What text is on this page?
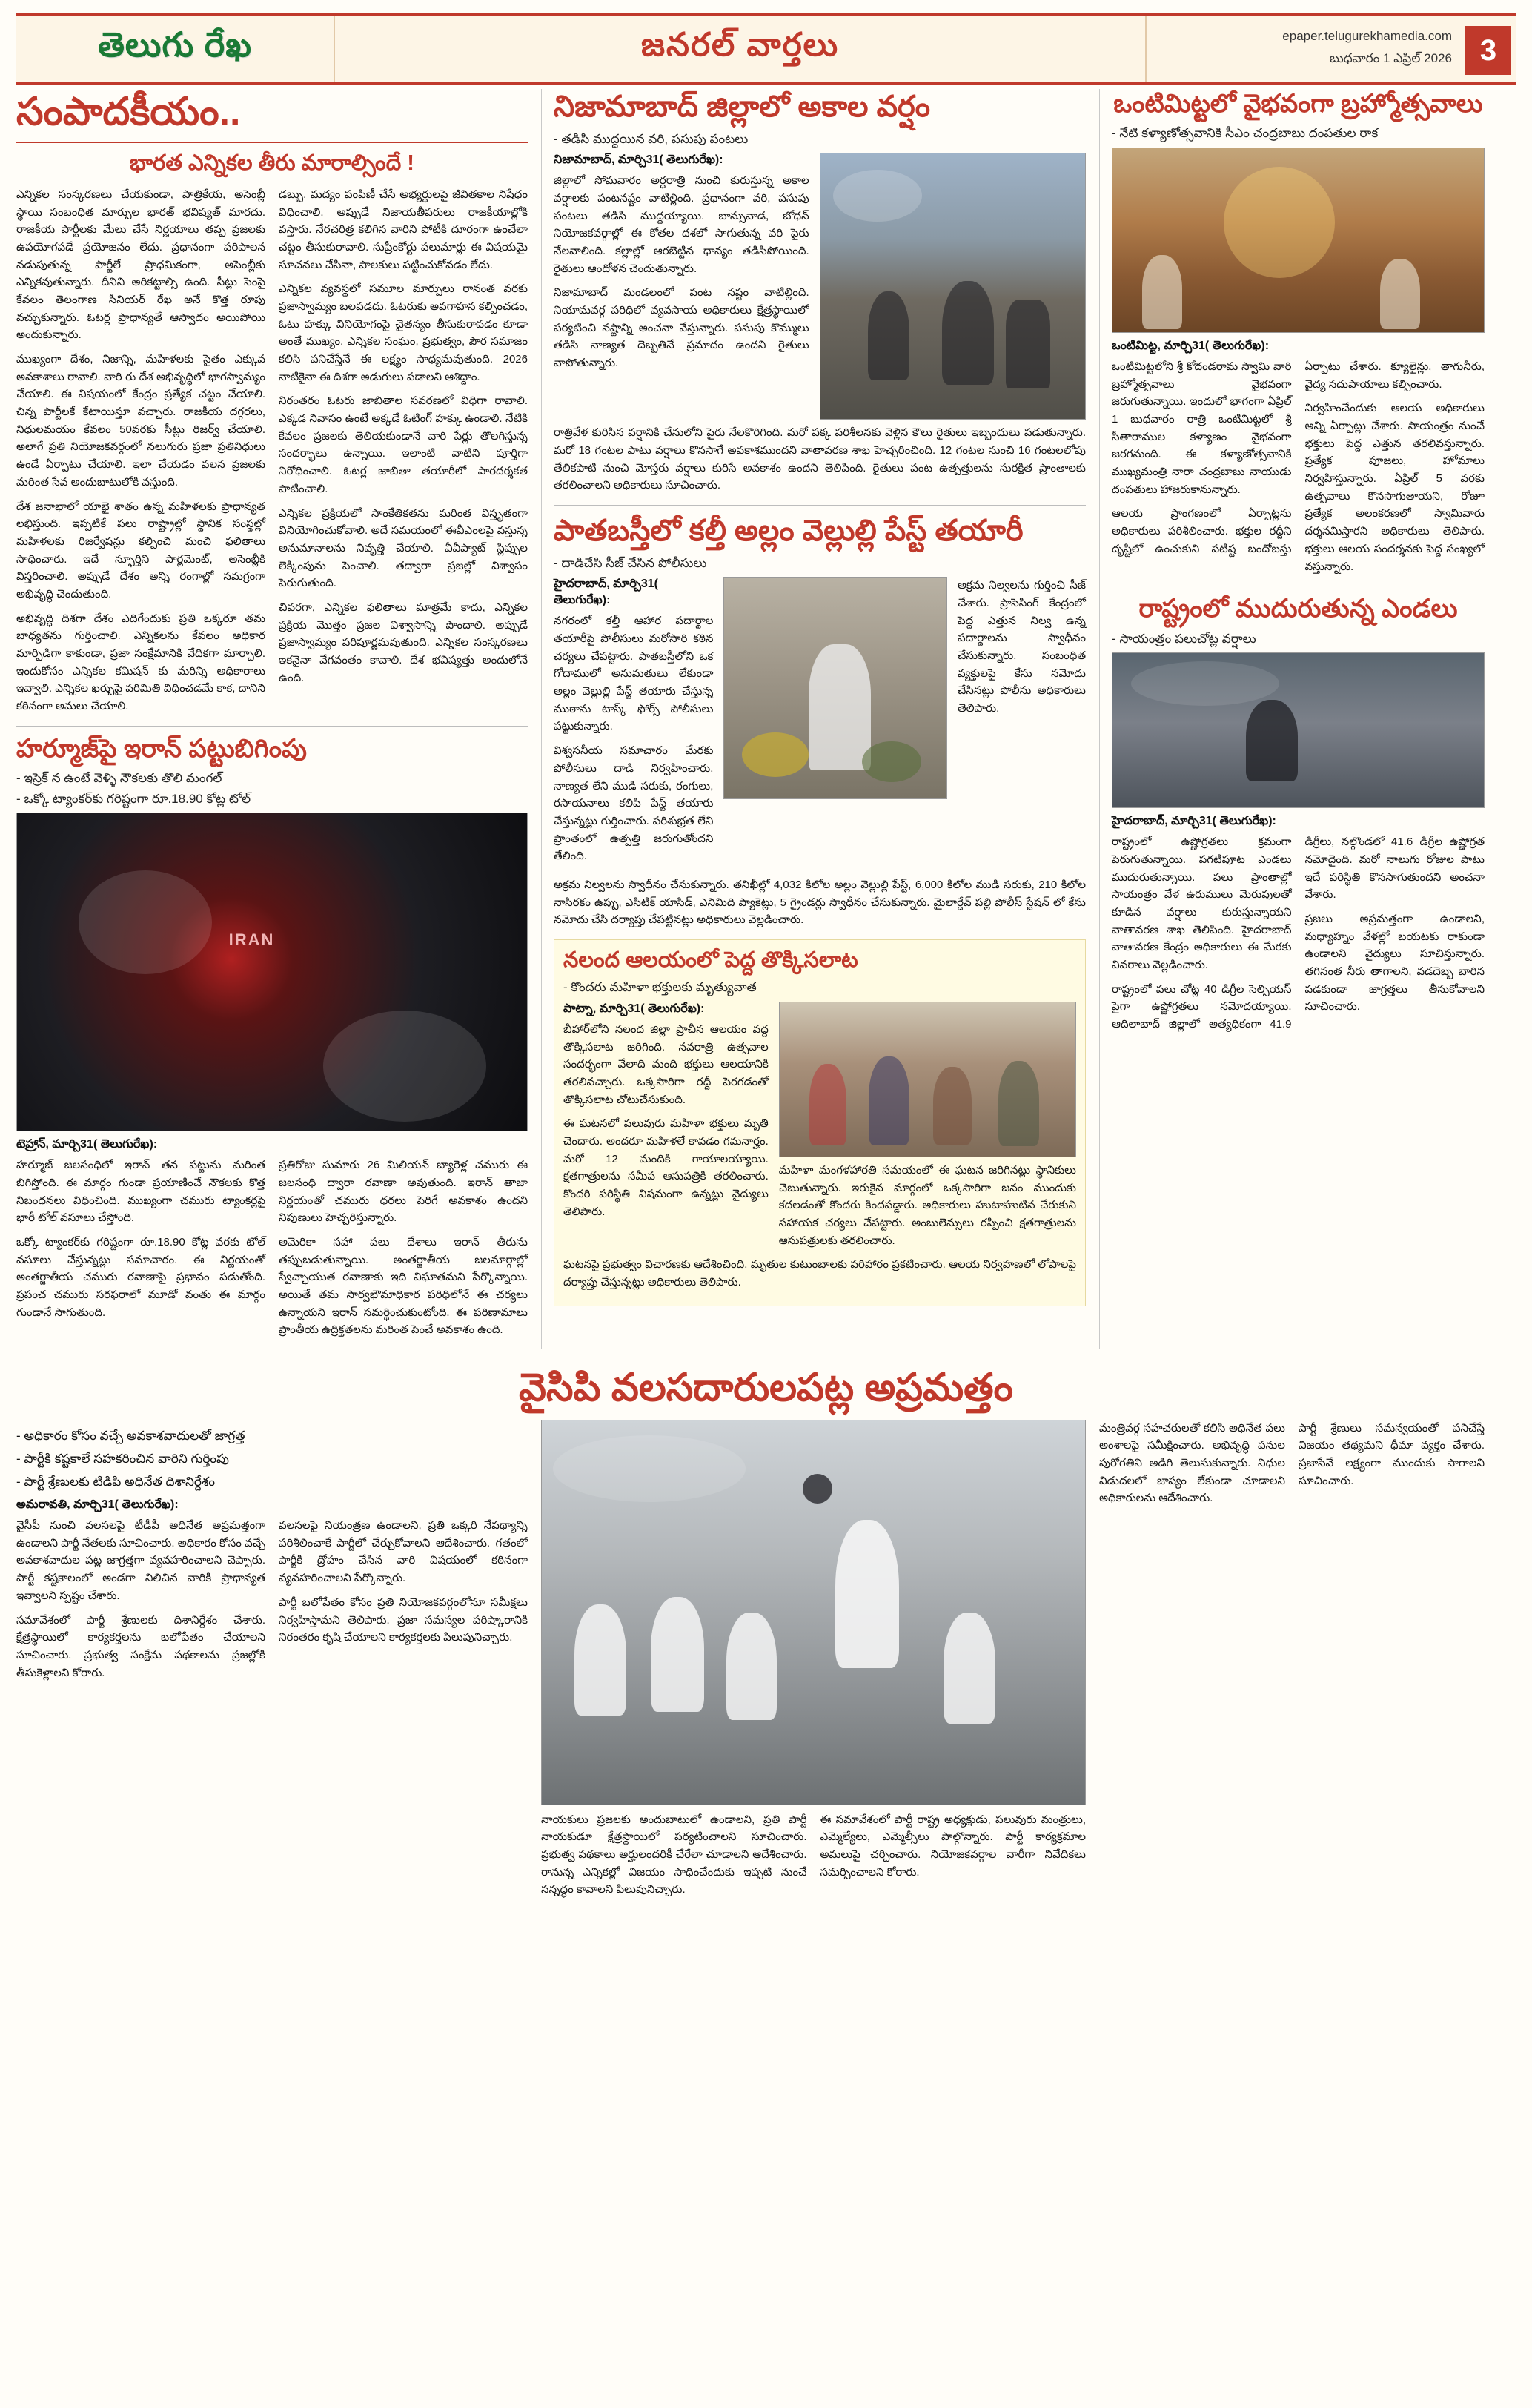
తెలుగు రేఖ	జనరల్ వార్తలు	epaper.telugurekhamedia.com
బుధవారం 1 ఎప్రిల్ 2026 3
సంపాదకీయం..
భారత ఎన్నికల తీరు మారాల్సిందే !

ఎన్నికల సంస్కరణలు చేయకుండా, పాత్రికేయ, అసెంబ్లీ స్థాయి సంబంధిత మార్పుల భారత్ భవిష్యత్ మారదు. రాజకీయ పార్టీలకు మేలు చేసే నిర్ణయాలు తప్ప ప్రజలకు ఉపయోగపడే ప్రయోజనం లేదు. ప్రధానంగా పరిపాలన నడుపుతున్న పార్టీలే ప్రాధమికంగా, అసెంబ్లీకు ఎన్నికవుతున్నారు. దీనిని అరికట్టాల్సి ఉంది. సీట్లు సెంపై కేవలం తెలంగాణ సీనియర్ రేఖ అనే కొత్త రూపు వచ్చుకున్నారు. ఓటర్ల ప్రాధాన్యతే ఆస్వాదం అయిపోయి అందుకున్నారు.

ముఖ్యంగా దేశం, నిజాన్ని, మహిళలకు సైతం ఎక్కువ అవకాశాలు రావాలి. వారి రు దేశ అభివృద్ధిలో భాగస్వామ్యం చేయాలి. ఈ విషయంలో కేంద్రం ప్రత్యేక చట్టం చేయాలి. చిన్న పార్టీలకే కేటాయిస్తూ వచ్చారు. రాజకీయ దగ్గరలు, నిధులమయం కేవలం 50వరకు సీట్లు రిజర్వ్ చేయాలి. అలాగే ప్రతి నియోజకవర్గంలో నలుగురు ప్రజా ప్రతినిధులు ఉండే ఏర్పాటు చేయాలి. ఇలా చేయడం వలన ప్రజలకు మరింత సేవ అందుబాటులోకి వస్తుంది.

దేశ జనాభాలో యాభై శాతం ఉన్న మహిళలకు ప్రాధాన్యత లభిస్తుంది. ఇప్పటికే పలు రాష్ట్రాల్లో స్థానిక సంస్థల్లో మహిళలకు రిజర్వేషన్లు కల్పించి మంచి ఫలితాలు సాధించారు. ఇదే స్ఫూర్తిని పార్లమెంట్, అసెంబ్లీకి విస్తరించాలి. అప్పుడే దేశం అన్ని రంగాల్లో సమగ్రంగా అభివృద్ధి చెందుతుంది.

అభివృద్ధి దిశగా దేశం ఎదిగేందుకు ప్రతి ఒక్కరూ తమ బాధ్యతను గుర్తించాలి. ఎన్నికలను కేవలం అధికార మార్పిడిగా కాకుండా, ప్రజా సంక్షేమానికి వేదికగా మార్చాలి. ఇందుకోసం ఎన్నికల కమిషన్ కు మరిన్ని అధికారాలు ఇవ్వాలి. ఎన్నికల ఖర్చుపై పరిమితి విధించడమే కాక, దానిని కఠినంగా అమలు చేయాలి.

డబ్బు, మద్యం పంపిణీ చేసే అభ్యర్థులపై జీవితకాల నిషేధం విధించాలి. అప్పుడే నిజాయతీపరులు రాజకీయాల్లోకి వస్తారు. నేరచరిత్ర కలిగిన వారిని పోటీకి దూరంగా ఉంచేలా చట్టం తీసుకురావాలి. సుప్రీంకోర్టు పలుమార్లు ఈ విషయమై సూచనలు చేసినా, పాలకులు పట్టించుకోవడం లేదు.

ఎన్నికల వ్యవస్థలో సమూల మార్పులు రానంత వరకు ప్రజాస్వామ్యం బలపడదు. ఓటరుకు అవగాహన కల్పించడం, ఓటు హక్కు వినియోగంపై చైతన్యం తీసుకురావడం కూడా అంతే ముఖ్యం. ఎన్నికల సంఘం, ప్రభుత్వం, పౌర సమాజం కలిసి పనిచేస్తేనే ఈ లక్ష్యం సాధ్యమవుతుంది. 2026 నాటికైనా ఈ దిశగా అడుగులు పడాలని ఆశిద్దాం.

నిరంతరం ఓటరు జాబితాల సవరణలో విధిగా రావాలి. ఎక్కడ నివాసం ఉంటే అక్కడే ఓటింగ్ హక్కు ఉండాలి. నేటికి కేవలం ప్రజలకు తెలియకుండానే వారి పేర్లు తొలగిస్తున్న సందర్భాలు ఉన్నాయి. ఇలాంటి వాటిని పూర్తిగా నిరోధించాలి. ఓటర్ల జాబితా తయారీలో పారదర్శకత పాటించాలి.

ఎన్నికల ప్రక్రియలో సాంకేతికతను మరింత విస్తృతంగా వినియోగించుకోవాలి. అదే సమయంలో ఈవీఎంలపై వస్తున్న అనుమానాలను నివృత్తి చేయాలి. వీవీప్యాట్ స్లిప్పుల లెక్కింపును పెంచాలి. తద్వారా ప్రజల్లో విశ్వాసం పెరుగుతుంది.

చివరగా, ఎన్నికల ఫలితాలు మాత్రమే కాదు, ఎన్నికల ప్రక్రియ మొత్తం ప్రజల విశ్వాసాన్ని పొందాలి. అప్పుడే ప్రజాస్వామ్యం పరిపూర్ణమవుతుంది. ఎన్నికల సంస్కరణలు ఇకనైనా వేగవంతం కావాలి. దేశ భవిష్యత్తు అందులోనే ఉంది.

హర్మూజ్‌పై ఇరాన్ పట్టుబిగింపు
- ఇస్రెక్ న ఉంటే వెళ్ళి నౌకలకు తొలి మంగల్
- ఒక్కో ట్యాంకర్‌కు గరిష్టంగా రూ.18.90 కోట్ల టోల్
IRAN
టెహ్రాన్, మార్చి31( తెలుగురేఖ):

హర్మూజ్ జలసంధిలో ఇరాన్ తన పట్టును మరింత బిగిస్తోంది. ఈ మార్గం గుండా ప్రయాణించే నౌకలకు కొత్త నిబంధనలు విధించింది. ముఖ్యంగా చమురు ట్యాంకర్లపై భారీ టోల్ వసూలు చేస్తోంది.

ఒక్కో ట్యాంకర్‌కు గరిష్టంగా రూ.18.90 కోట్ల వరకు టోల్ వసూలు చేస్తున్నట్లు సమాచారం. ఈ నిర్ణయంతో అంతర్జాతీయ చమురు రవాణాపై ప్రభావం పడుతోంది. ప్రపంచ చమురు సరఫరాలో మూడో వంతు ఈ మార్గం గుండానే సాగుతుంది.

ప్రతిరోజు సుమారు 26 మిలియన్ బ్యారెళ్ల చమురు ఈ జలసంధి ద్వారా రవాణా అవుతుంది. ఇరాన్ తాజా నిర్ణయంతో చమురు ధరలు పెరిగే అవకాశం ఉందని నిపుణులు హెచ్చరిస్తున్నారు.

అమెరికా సహా పలు దేశాలు ఇరాన్ తీరును తప్పుబడుతున్నాయి. అంతర్జాతీయ జలమార్గాల్లో స్వేచ్ఛాయుత రవాణాకు ఇది విఘాతమని పేర్కొన్నాయి. అయితే తమ సార్వభౌమాధికార పరిధిలోనే ఈ చర్యలు ఉన్నాయని ఇరాన్ సమర్థించుకుంటోంది. ఈ పరిణామాలు ప్రాంతీయ ఉద్రిక్తతలను మరింత పెంచే అవకాశం ఉంది.

నిజామాబాద్ జిల్లాలో అకాల వర్షం
- తడిసి ముద్దయిన వరి, పసుపు పంటలు
నిజామాబాద్, మార్చి31( తెలుగురేఖ):

జిల్లాలో సోమవారం అర్ధరాత్రి నుంచి కురుస్తున్న అకాల వర్షాలకు పంటనష్టం వాటిల్లింది. ప్రధానంగా వరి, పసుపు పంటలు తడిసి ముద్దయ్యాయి. బాన్సువాడ, బోధన్ నియోజకవర్గాల్లో ఈ కోతల దశలో సాగుతున్న వరి పైరు నేలవాలింది. కల్లాల్లో ఆరబెట్టిన ధాన్యం తడిసిపోయింది. రైతులు ఆందోళన చెందుతున్నారు.

నిజామాబాద్ మండలంలో పంట నష్టం వాటిల్లింది. నియామవర్గ పరిధిలో వ్యవసాయ అధికారులు క్షేత్రస్థాయిలో పర్యటించి నష్టాన్ని అంచనా వేస్తున్నారు. పసుపు కొమ్ములు తడిసి నాణ్యత దెబ్బతినే ప్రమాదం ఉందని రైతులు వాపోతున్నారు.

రాత్రివేళ కురిసిన వర్షానికి చేనులోని పైరు నేలకొరిగింది. మరో పక్క పరిశీలనకు వెళ్లిన కౌలు రైతులు ఇబ్బందులు పడుతున్నారు. మరో 18 గంటల పాటు వర్షాలు కొనసాగే అవకాశముందని వాతావరణ శాఖ హెచ్చరించింది. 12 గంటల నుంచి 16 గంటలలోపు తేలికపాటి నుంచి మోస్తరు వర్షాలు కురిసే అవకాశం ఉందని తెలిపింది. రైతులు పంట ఉత్పత్తులను సురక్షిత ప్రాంతాలకు తరలించాలని అధికారులు సూచించారు.

పాతబస్తీలో కల్తీ అల్లం వెల్లుల్లి పేస్ట్ తయారీ
- దాడిచేసి సీజ్ చేసిన పోలీసులు
హైదరాబాద్, మార్చి31( తెలుగురేఖ):

నగరంలో కల్తీ ఆహార పదార్థాల తయారీపై పోలీసులు మరోసారి కఠిన చర్యలు చేపట్టారు. పాతబస్తీలోని ఒక గోదాములో అనుమతులు లేకుండా అల్లం వెల్లుల్లి పేస్ట్ తయారు చేస్తున్న ముఠాను టాస్క్ ఫోర్స్ పోలీసులు పట్టుకున్నారు.

విశ్వసనీయ సమాచారం మేరకు పోలీసులు దాడి నిర్వహించారు. నాణ్యత లేని ముడి సరుకు, రంగులు, రసాయనాలు కలిపి పేస్ట్ తయారు చేస్తున్నట్లు గుర్తించారు. పరిశుభ్రత లేని ప్రాంతంలో ఉత్పత్తి జరుగుతోందని తేలింది.

అక్రమ నిల్వలను గుర్తించి సీజ్ చేశారు. ప్రాసెసింగ్ కేంద్రంలో పెద్ద ఎత్తున నిల్వ ఉన్న పదార్థాలను స్వాధీనం చేసుకున్నారు. సంబంధిత వ్యక్తులపై కేసు నమోదు చేసినట్లు పోలీసు అధికారులు తెలిపారు.

అక్రమ నిల్వలను స్వాధీనం చేసుకున్నారు. తనిఖీల్లో 4,032 కిలోల అల్లం వెల్లుల్లి పేస్ట్, 6,000 కిలోల ముడి సరుకు, 210 కిలోల నాసిరకం ఉప్పు, ఎసిటిక్ యాసిడ్, ఎనిమిది ప్యాకెట్లు, 5 గ్రైండర్లు స్వాధీనం చేసుకున్నారు. మైలార్దేవ్ పల్లి పోలీస్ స్టేషన్ లో కేసు నమోదు చేసి దర్యాప్తు చేపట్టినట్లు అధికారులు వెల్లడించారు.

నలంద ఆలయంలో పెద్ద తొక్కిసలాట
- కొందరు మహిళా భక్తులకు మృత్యువాత
పాట్నా, మార్చి31( తెలుగురేఖ):

బీహార్‌లోని నలంద జిల్లా ప్రాచీన ఆలయం వద్ద తొక్కిసలాట జరిగింది. నవరాత్రి ఉత్సవాల సందర్భంగా వేలాది మంది భక్తులు ఆలయానికి తరలివచ్చారు. ఒక్కసారిగా రద్దీ పెరగడంతో తొక్కిసలాట చోటుచేసుకుంది.

ఈ ఘటనలో పలువురు మహిళా భక్తులు మృతి చెందారు. అందరూ మహిళలే కావడం గమనార్హం. మరో 12 మందికి గాయాలయ్యాయి. క్షతగాత్రులను సమీప ఆసుపత్రికి తరలించారు. కొందరి పరిస్థితి విషమంగా ఉన్నట్లు వైద్యులు తెలిపారు.

మహిళా మంగళహారతి సమయంలో ఈ ఘటన జరిగినట్లు స్థానికులు చెబుతున్నారు. ఇరుకైన మార్గంలో ఒక్కసారిగా జనం ముందుకు కదలడంతో కొందరు కిందపడ్డారు. అధికారులు హుటాహుటిన చేరుకుని సహాయక చర్యలు చేపట్టారు. అంబులెన్సులు రప్పించి క్షతగాత్రులను ఆసుపత్రులకు తరలించారు.

ఘటనపై ప్రభుత్వం విచారణకు ఆదేశించింది. మృతుల కుటుంబాలకు పరిహారం ప్రకటించారు. ఆలయ నిర్వహణలో లోపాలపై దర్యాప్తు చేస్తున్నట్లు అధికారులు తెలిపారు.

ఒంటిమిట్టలో వైభవంగా బ్రహ్మోత్సవాలు
- నేటి కళ్యాణోత్సవానికి సీఎం చంద్రబాబు దంపతుల రాక
ఒంటిమిట్ట, మార్చి31( తెలుగురేఖ):

ఒంటిమిట్టలోని శ్రీ కోదండరామ స్వామి వారి బ్రహ్మోత్సవాలు వైభవంగా జరుగుతున్నాయి. ఇందులో భాగంగా ఏప్రిల్ 1 బుధవారం రాత్రి ఒంటిమిట్టలో శ్రీ సీతారాముల కళ్యాణం వైభవంగా జరగనుంది. ఈ కళ్యాణోత్సవానికి ముఖ్యమంత్రి నారా చంద్రబాబు నాయుడు దంపతులు హాజరుకానున్నారు.

ఆలయ ప్రాంగణంలో ఏర్పాట్లను అధికారులు పరిశీలించారు. భక్తుల రద్దీని దృష్టిలో ఉంచుకుని పటిష్ట బందోబస్తు ఏర్పాటు చేశారు. క్యూలైన్లు, తాగునీరు, వైద్య సదుపాయాలు కల్పించారు.

నిర్వహించేందుకు ఆలయ అధికారులు అన్ని ఏర్పాట్లు చేశారు. సాయంత్రం నుంచే భక్తులు పెద్ద ఎత్తున తరలివస్తున్నారు. ప్రత్యేక పూజలు, హోమాలు నిర్వహిస్తున్నారు. ఏప్రిల్ 5 వరకు ఉత్సవాలు కొనసాగుతాయని, రోజూ ప్రత్యేక అలంకరణలో స్వామివారు దర్శనమిస్తారని అధికారులు తెలిపారు. భక్తులు ఆలయ సందర్శనకు పెద్ద సంఖ్యలో వస్తున్నారు.

రాష్ట్రంలో ముదురుతున్న ఎండలు
- సాయంత్రం పలుచోట్ల వర్షాలు
హైదరాబాద్, మార్చి31( తెలుగురేఖ):

రాష్ట్రంలో ఉష్ణోగ్రతలు క్రమంగా పెరుగుతున్నాయి. పగటిపూట ఎండలు ముదురుతున్నాయి. పలు ప్రాంతాల్లో సాయంత్రం వేళ ఉరుములు మెరుపులతో కూడిన వర్షాలు కురుస్తున్నాయని వాతావరణ శాఖ తెలిపింది. హైదరాబాద్ వాతావరణ కేంద్రం అధికారులు ఈ మేరకు వివరాలు వెల్లడించారు.

రాష్ట్రంలో పలు చోట్ల 40 డిగ్రీల సెల్సియస్ పైగా ఉష్ణోగ్రతలు నమోదయ్యాయి. ఆదిలాబాద్ జిల్లాలో అత్యధికంగా 41.9 డిగ్రీలు, నల్గొండలో 41.6 డిగ్రీల ఉష్ణోగ్రత నమోదైంది. మరో నాలుగు రోజుల పాటు ఇదే పరిస్థితి కొనసాగుతుందని అంచనా వేశారు.

ప్రజలు అప్రమత్తంగా ఉండాలని, మధ్యాహ్నం వేళల్లో బయటకు రాకుండా ఉండాలని వైద్యులు సూచిస్తున్నారు. తగినంత నీరు తాగాలని, వడదెబ్బ బారిన పడకుండా జాగ్రత్తలు తీసుకోవాలని సూచించారు.

వైసిపి వలసదారులపట్ల అప్రమత్తం
- అధికారం కోసం వచ్చే అవకాశవాదులతో జాగ్రత్త
- పార్టీకి కష్టకాలే సహకరించిన వారిని గుర్తింపు
- పార్టీ శ్రేణులకు టిడిపి అధినేత దిశానిర్దేశం
అమరావతి, మార్చి31( తెలుగురేఖ):

వైసీపీ నుంచి వలసలపై టీడీపీ అధినేత అప్రమత్తంగా ఉండాలని పార్టీ నేతలకు సూచించారు. అధికారం కోసం వచ్చే అవకాశవాదుల పట్ల జాగ్రత్తగా వ్యవహరించాలని చెప్పారు. పార్టీ కష్టకాలంలో అండగా నిలిచిన వారికి ప్రాధాన్యత ఇవ్వాలని స్పష్టం చేశారు.

సమావేశంలో పార్టీ శ్రేణులకు దిశానిర్దేశం చేశారు. క్షేత్రస్థాయిలో కార్యకర్తలను బలోపేతం చేయాలని సూచించారు. ప్రభుత్వ సంక్షేమ పథకాలను ప్రజల్లోకి తీసుకెళ్లాలని కోరారు.

వలసలపై నియంత్రణ ఉండాలని, ప్రతి ఒక్కరి నేపథ్యాన్ని పరిశీలించాకే పార్టీలో చేర్చుకోవాలని ఆదేశించారు. గతంలో పార్టీకి ద్రోహం చేసిన వారి విషయంలో కఠినంగా వ్యవహరించాలని పేర్కొన్నారు.

పార్టీ బలోపేతం కోసం ప్రతి నియోజకవర్గంలోనూ సమీక్షలు నిర్వహిస్తామని తెలిపారు. ప్రజా సమస్యల పరిష్కారానికి నిరంతరం కృషి చేయాలని కార్యకర్తలకు పిలుపునిచ్చారు.

నాయకులు ప్రజలకు అందుబాటులో ఉండాలని, ప్రతి పార్టీ నాయకుడూ క్షేత్రస్థాయిలో పర్యటించాలని సూచించారు. ప్రభుత్వ పథకాలు అర్హులందరికీ చేరేలా చూడాలని ఆదేశించారు. రానున్న ఎన్నికల్లో విజయం సాధించేందుకు ఇప్పటి నుంచే సన్నద్ధం కావాలని పిలుపునిచ్చారు.

ఈ సమావేశంలో పార్టీ రాష్ట్ర అధ్యక్షుడు, పలువురు మంత్రులు, ఎమ్మెల్యేలు, ఎమ్మెల్సీలు పాల్గొన్నారు. పార్టీ కార్యక్రమాల అమలుపై చర్చించారు. నియోజకవర్గాల వారీగా నివేదికలు సమర్పించాలని కోరారు.

మంత్రివర్గ సహచరులతో కలిసి అధినేత పలు అంశాలపై సమీక్షించారు. అభివృద్ధి పనుల పురోగతిని అడిగి తెలుసుకున్నారు. నిధుల విడుదలలో జాప్యం లేకుండా చూడాలని అధికారులను ఆదేశించారు.

పార్టీ శ్రేణులు సమన్వయంతో పనిచేస్తే విజయం తథ్యమని ధీమా వ్యక్తం చేశారు. ప్రజాసేవే లక్ష్యంగా ముందుకు సాగాలని సూచించారు.
